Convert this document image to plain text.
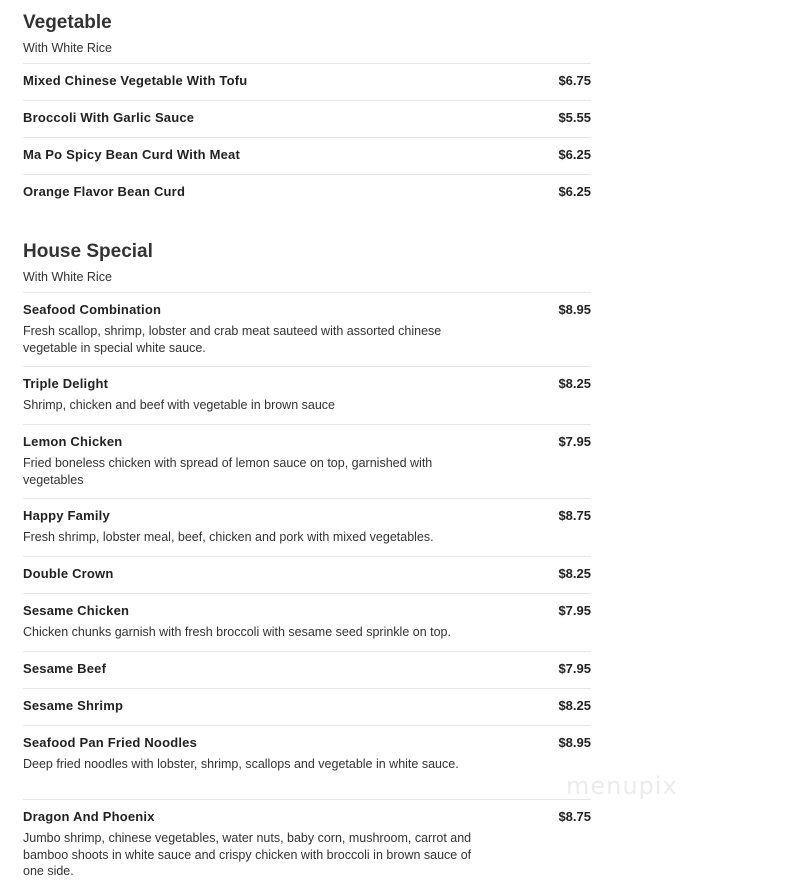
Vegetable
With White Rice
$6.75
Mixed Chinese Vegetable With Tofu
$5.55
Broccoli With Garlic Sauce
$6.25
Ma Po Spicy Bean Curd With Meat
$6.25
Orange Flavor Bean Curd
House Special
With White Rice
$8.95
Seafood Combination
Fresh scallop, shrimp, lobster and crab meat sauteed with assorted chinese vegetable in special white sauce.
$8.25
Triple Delight
Shrimp, chicken and beef with vegetable in brown sauce
$7.95
Lemon Chicken
Fried boneless chicken with spread of lemon sauce on top, garnished with vegetables
$8.75
Happy Family
Fresh shrimp, lobster meal, beef, chicken and pork with mixed vegetables.
$8.25
Double Crown
$7.95
Sesame Chicken
Chicken chunks garnish with fresh broccoli with sesame seed sprinkle on top.
$7.95
Sesame Beef
$8.25
Sesame Shrimp
$8.95
Seafood Pan Fried Noodles
Deep fried noodles with lobster, shrimp, scallops and vegetable in white sauce.
$8.75
Dragon And Phoenix
Jumbo shrimp, chinese vegetables, water nuts, baby corn, mushroom, carrot and bamboo shoots in white sauce and crispy chicken with broccoli in brown sauce of one side.
menupix
